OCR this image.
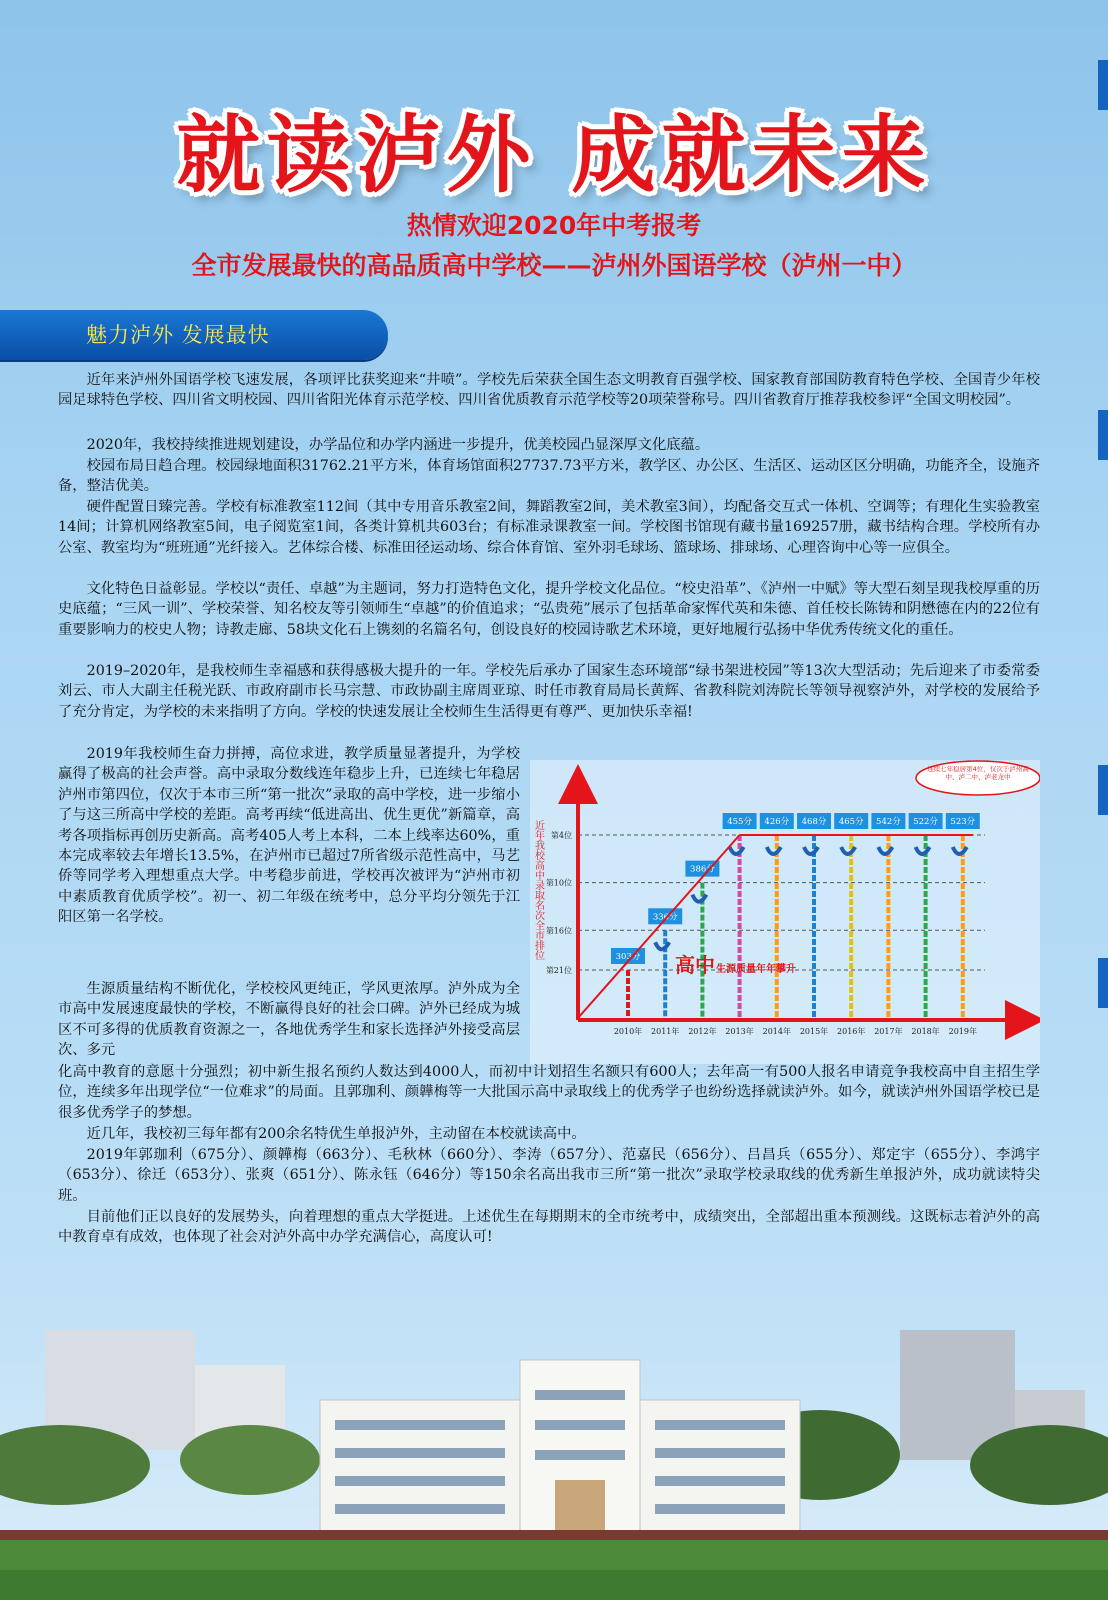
就读泸外 成就未来
热情欢迎2020年中考报考
全市发展最快的高品质高中学校——泸州外国语学校（泸州一中）
魅力泸外 发展最快

近年来泸州外国语学校飞速发展，各项评比获奖迎来“井喷”。学校先后荣获全国生态文明教育百强学校、国家教育部国防教育特色学校、全国青少年校园足球特色学校、四川省文明校园、四川省阳光体育示范学校、四川省优质教育示范学校等20项荣誉称号。四川省教育厅推荐我校参评“全国文明校园”。

2020年，我校持续推进规划建设，办学品位和办学内涵进一步提升，优美校园凸显深厚文化底蕴。

校园布局日趋合理。校园绿地面积31762.21平方米，体育场馆面积27737.73平方米，教学区、办公区、生活区、运动区区分明确，功能齐全，设施齐备，整洁优美。

硬件配置日臻完善。学校有标准教室112间（其中专用音乐教室2间，舞蹈教室2间，美术教室3间），均配备交互式一体机、空调等；有理化生实验教室14间；计算机网络教室5间，电子阅览室1间，各类计算机共603台；有标准录课教室一间。学校图书馆现有藏书量169257册，藏书结构合理。学校所有办公室、教室均为“班班通”光纤接入。艺体综合楼、标准田径运动场、综合体育馆、室外羽毛球场、篮球场、排球场、心理咨询中心等一应俱全。

文化特色日益彰显。学校以“责任、卓越”为主题词，努力打造特色文化，提升学校文化品位。“校史沿革”、《泸州一中赋》等大型石刻呈现我校厚重的历史底蕴；“三风一训”、学校荣誉、知名校友等引领师生“卓越”的价值追求；“弘贵苑”展示了包括革命家恽代英和朱德、首任校长陈铸和阴懋德在内的22位有重要影响力的校史人物；诗教走廊、58块文化石上镌刻的名篇名句，创设良好的校园诗歌艺术环境，更好地履行弘扬中华优秀传统文化的重任。

2019–2020年，是我校师生幸福感和获得感极大提升的一年。学校先后承办了国家生态环境部“绿书架进校园”等13次大型活动；先后迎来了市委常委刘云、市人大副主任税光跃、市政府副市长马宗慧、市政协副主席周亚琼、时任市教育局局长黄辉、省教科院刘涛院长等领导视察泸外，对学校的发展给予了充分肯定，为学校的未来指明了方向。学校的快速发展让全校师生生活得更有尊严、更加快乐幸福!

2019年我校师生奋力拼搏，高位求进，教学质量显著提升，为学校赢得了极高的社会声誉。高中录取分数线连年稳步上升，已连续七年稳居泸州市第四位，仅次于本市三所“第一批次”录取的高中学校，进一步缩小了与这三所高中学校的差距。高考再续“低进高出、优生更优”新篇章，高考各项指标再创历史新高。高考405人考上本科，二本上线率达60%，重本完成率较去年增长13.5%，在泸州市已超过7所省级示范性高中，马艺侨等同学考入理想重点大学。中考稳步前进，学校再次被评为“泸州市初中素质教育优质学校”。初一、初二年级在统考中，总分平均分领先于江阳区第一名学校。

生源质量结构不断优化，学校校风更纯正，学风更浓厚。泸外成为全市高中发展速度最快的学校，不断赢得良好的社会口碑。泸外已经成为城区不可多得的优质教育资源之一，各地优秀学生和家长选择泸外接受高层次、多元

化高中教育的意愿十分强烈；初中新生报名预约人数达到4000人，而初中计划招生名额只有600人；去年高一有500人报名申请竞争我校高中自主招生学位，连续多年出现学位“一位难求”的局面。且郭珈利、颜韡梅等一大批国示高中录取线上的优秀学子也纷纷选择就读泸外。如今，就读泸州外国语学校已是很多优秀学子的梦想。

近几年，我校初三每年都有200余名特优生单报泸外，主动留在本校就读高中。

2019年郭珈利（675分）、颜韡梅（663分）、毛秋林（660分）、李涛（657分）、范嘉民（656分）、吕昌兵（655分）、郑定宇（655分）、李鸿宇（653分）、徐迁（653分）、张爽（651分）、陈永钰（646分）等150余名高出我市三所“第一批次”录取学校录取线的优秀新生单报泸外，成功就读特尖班。

目前他们正以良好的发展势头，向着理想的重点大学挺进。上述优生在每期期末的全市统考中，成绩突出，全部超出重本预测线。这既标志着泸外的高中教育卓有成效，也体现了社会对泸外高中办学充满信心，高度认可!

近年我校高中录取名次全市排位 第4位
第10位
第16位
第21位
303分
2010年
336分
2011年
386分
2012年
455分
2013年
426分
2014年
468分
2015年
465分
2016年
542分
2017年
522分
2018年
523分
2019年
高中 生源质量年年攀升
连续七年稳居第4位，仅次于泸州高中、泸二中、泸老龙中
